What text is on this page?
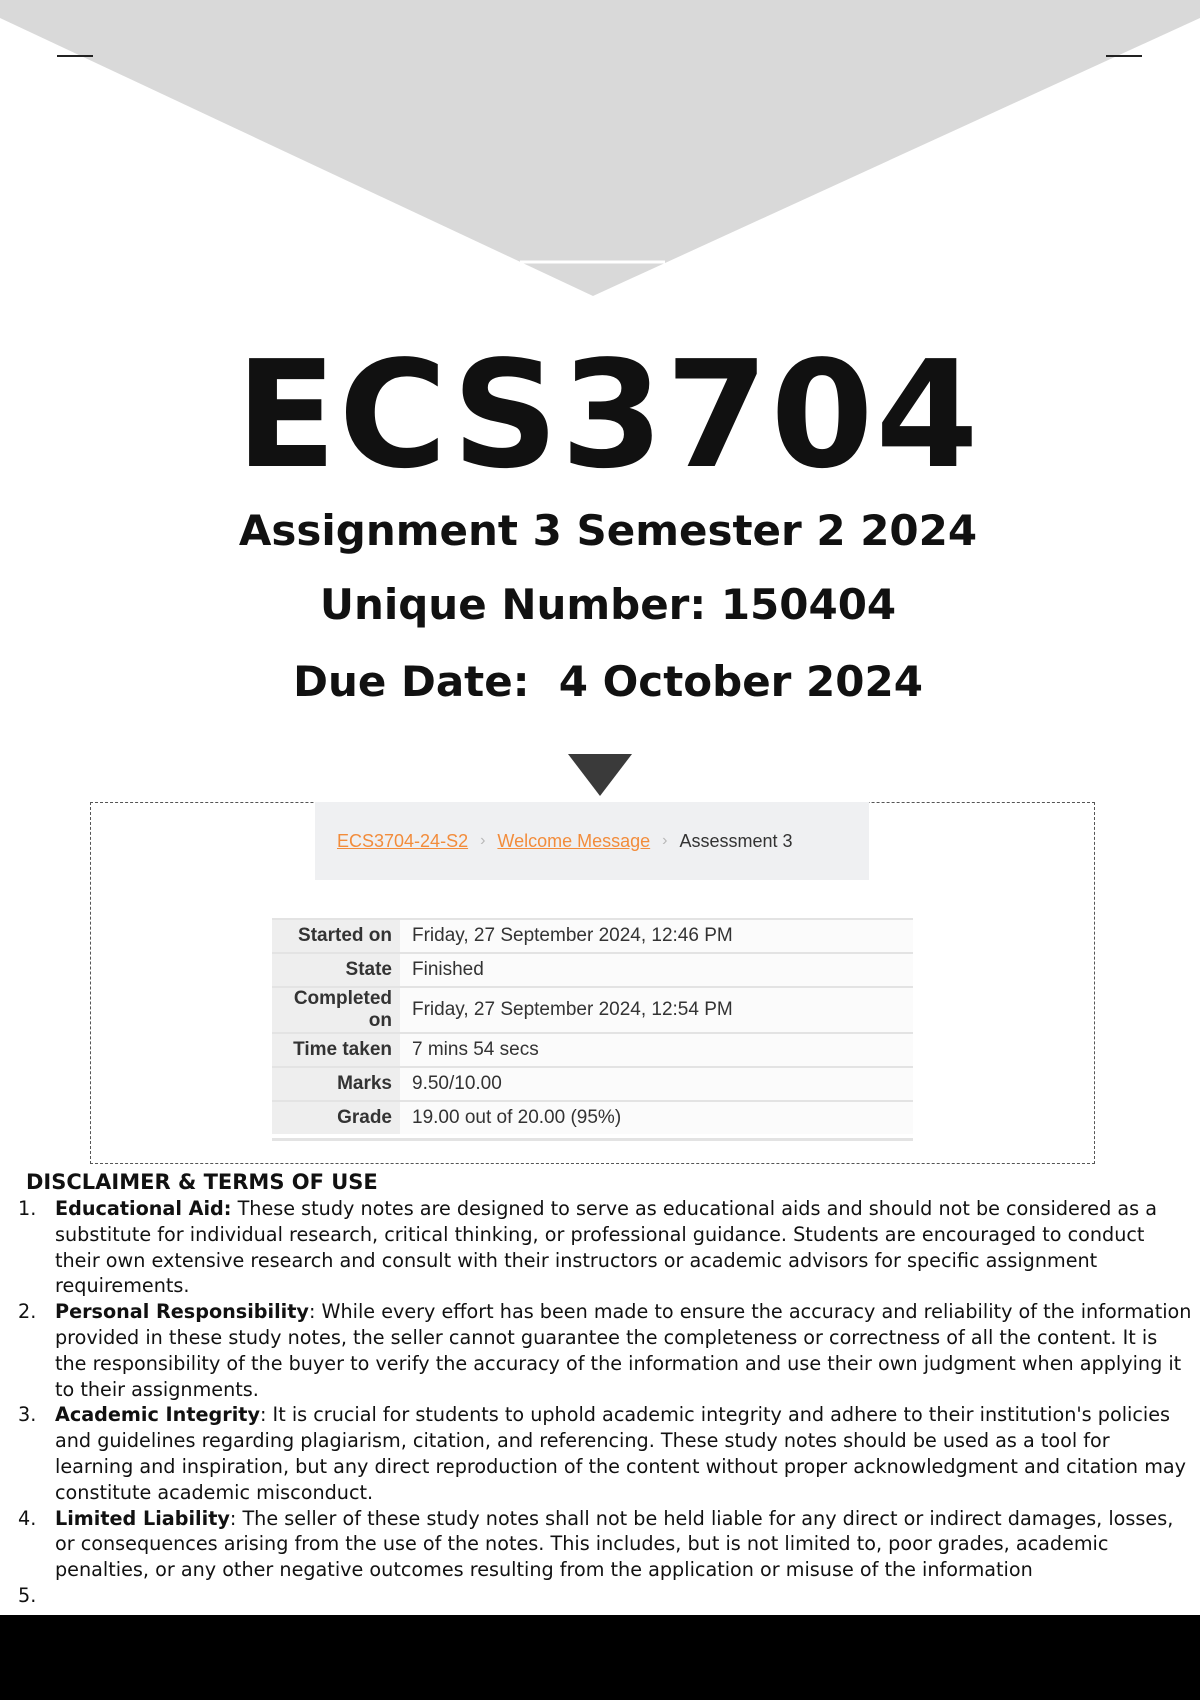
ECS3704
Assignment 3 Semester 2 2024
Unique Number: 150404
Due Date:  4 October 2024
ECS3704-24-S2 › Welcome Message › Assessment 3
Started on	Friday, 27 September 2024, 12:46 PM
State	Finished
Completed on	Friday, 27 September 2024, 12:54 PM
Time taken	7 mins 54 secs
Marks	9.50/10.00
Grade	19.00 out of 20.00 (95%)
DISCLAIMER & TERMS OF USE
1. Educational Aid: These study notes are designed to serve as educational aids and should not be considered as a substitute for individual research, critical thinking, or professional guidance. Students are encouraged to conduct their own extensive research and consult with their instructors or academic advisors for specific assignment requirements.
2. Personal Responsibility: While every effort has been made to ensure the accuracy and reliability of the information provided in these study notes, the seller cannot guarantee the completeness or correctness of all the content. It is the responsibility of the buyer to verify the accuracy of the information and use their own judgment when applying it to their assignments.
3. Academic Integrity: It is crucial for students to uphold academic integrity and adhere to their institution's policies and guidelines regarding plagiarism, citation, and referencing. These study notes should be used as a tool for learning and inspiration, but any direct reproduction of the content without proper acknowledgment and citation may constitute academic misconduct.
4. Limited Liability: The seller of these study notes shall not be held liable for any direct or indirect damages, losses, or consequences arising from the use of the notes. This includes, but is not limited to, poor grades, academic penalties, or any other negative outcomes resulting from the application or misuse of the information
5.
